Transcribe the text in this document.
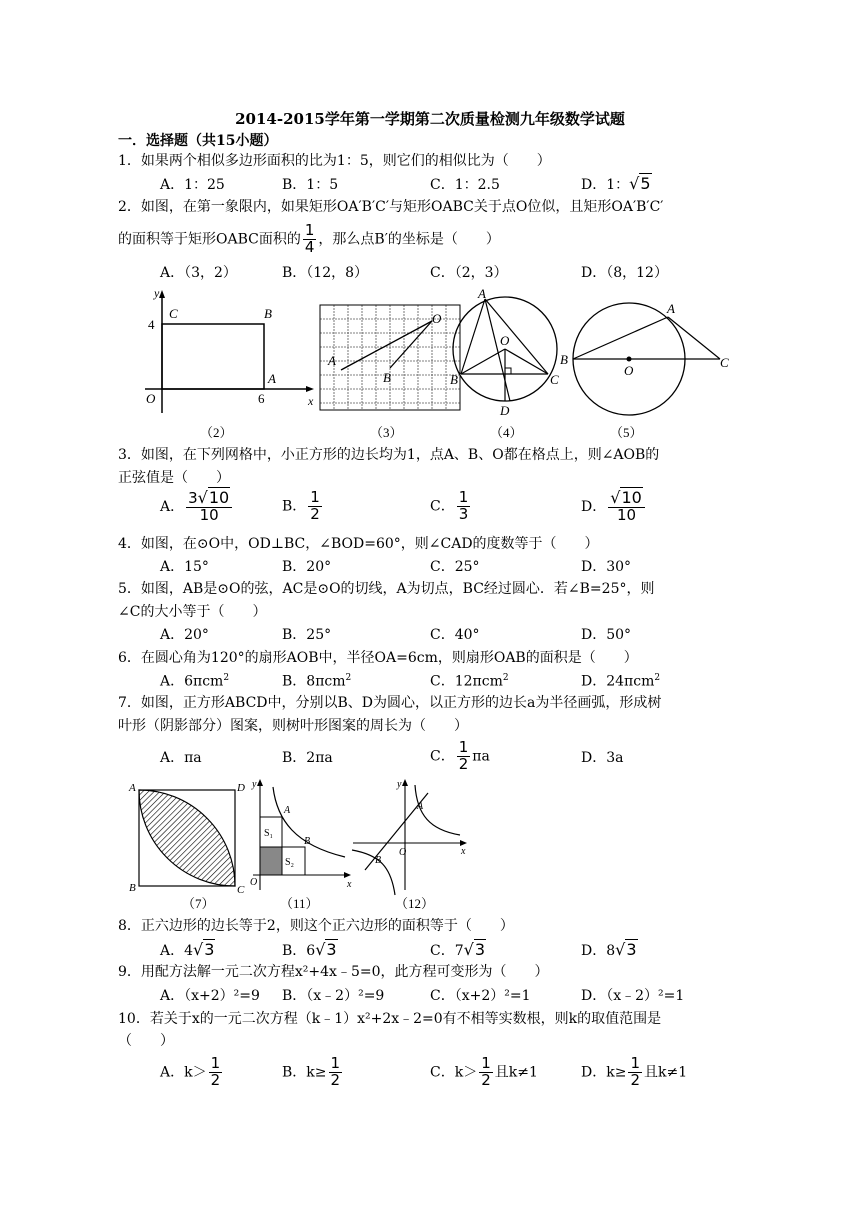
2014-2015学年第一学期第二次质量检测九年级数学试题
一．选择题（共15小题）
1．如果两个相似多边形面积的比为1：5，则它们的相似比为（　　）
A．1：25	B．1：5	C．1：2.5	D．1：√5
2．如图，在第一象限内，如果矩形OA′B′C′与矩形OABC关于点O位似，且矩形OA′B′C′
的面积等于矩形OABC面积的 $\frac{1}{4}$ ，那么点B′的坐标是（　　）
A．（3，2）	B．（12，8）	C．（2，3）	D．（8，12）
y
x
C	B
A
O
4
6
（2）
A
B
O
（3）
A
B	C
D
O
（4）
B
A
C
O
（5）
3．如图，在下列网格中，小正方形的边长均为1，点A、B、O都在格点上，则∠AOB的
正弦值是（　　）
A． $\frac{3√10}{10}$	B． $\frac{1}{2}$	C． $\frac{1}{3}$	D． $\frac{√10}{10}$
4．如图，在⊙O中，OD⊥BC，∠BOD=60°，则∠CAD的度数等于（　　）
A．15°	B．20°	C．25°	D．30°
5．如图，AB是⊙O的弦，AC是⊙O的切线，A为切点，BC经过圆心．若∠B=25°，则
∠C的大小等于（　　）
A．20°	B．25°	C．40°	D．50°
6．在圆心角为120°的扇形AOB中，半径OA=6cm，则扇形OAB的面积是（　　）
A．6πcm$^2$	B．8πcm$^2$	C．12πcm$^2$	D．24πcm$^2$
7．如图，正方形ABCD中，分别以B、D为圆心，以正方形的边长a为半径画弧，形成树
叶形（阴影部分）图案，则树叶形图案的周长为（　　）
A．πa	B．2πa	C． $\frac{1}{2}$ πa	D．3a
A	D
B	C
（7）
y
x
A
B
O
S₁
S₂
（11）
y
x
A
B
O
（12）
8．正六边形的边长等于2，则这个正六边形的面积等于（　　）
A．4√3	B．6√3	C．7√3	D．8√3
9．用配方法解一元二次方程x²+4x﹣5=0，此方程可变形为（　　）
A．（x+2）²=9 B．（x﹣2）²=9	C．（x+2）²=1	D．（x﹣2）²=1
10．若关于x的一元二次方程（k﹣1）x²+2x﹣2=0有不相等实数根，则k的取值范围是
（　　）
A．$k> \frac{1}{2}$	B．$k\ge \frac{1}{2}$	C．$k> \frac{1}{2}$ 且k≠1	D．$k\ge \frac{1}{2}$ 且k≠1
